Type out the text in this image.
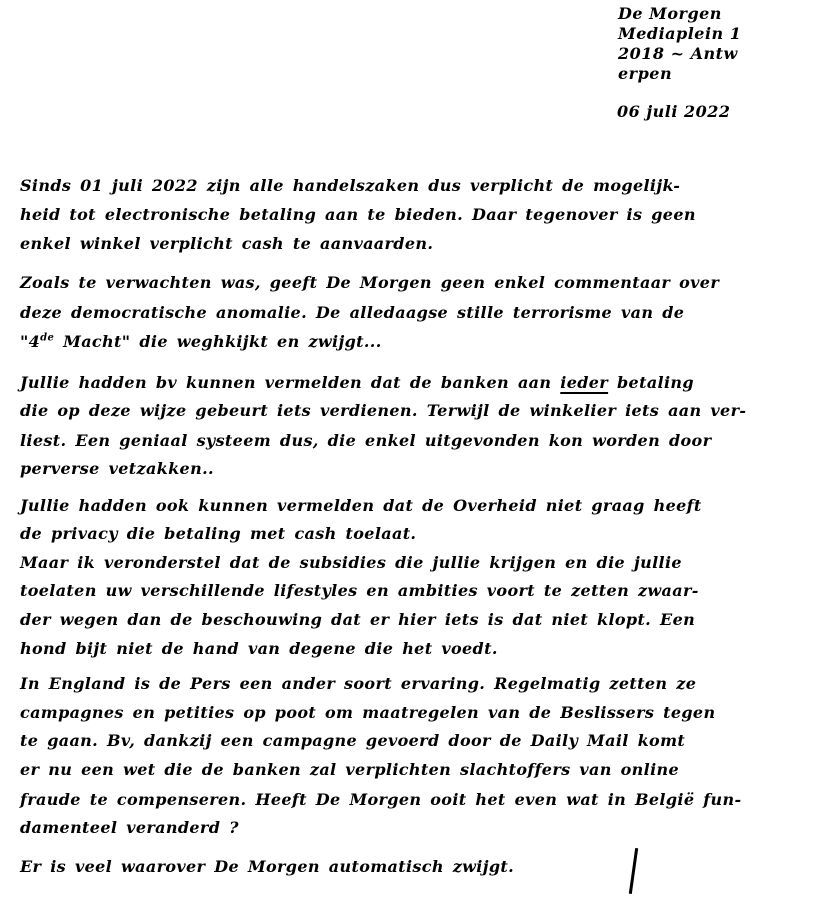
De Morgen
Mediaplein 1
2018 ~ Antw
erpen
06 juli 2022
Sinds 01 juli 2022 zijn alle handelszaken dus verplicht de mogelijk-
heid tot electronische betaling aan te bieden. Daar tegenover is geen
enkel winkel verplicht cash te aanvaarden.
Zoals te verwachten was, geeft De Morgen geen enkel commentaar over
deze democratische anomalie. De alledaagse stille terrorisme van de
"4de Macht" die weghkijkt en zwijgt...
Jullie hadden bv kunnen vermelden dat de banken aan ieder betaling
die op deze wijze gebeurt iets verdienen. Terwijl de winkelier iets aan ver-
liest. Een geniaal systeem dus, die enkel uitgevonden kon worden door
perverse vetzakken..
Jullie hadden ook kunnen vermelden dat de Overheid niet graag heeft
de privacy die betaling met cash toelaat.
Maar ik veronderstel dat de subsidies die jullie krijgen en die jullie
toelaten uw verschillende lifestyles en ambities voort te zetten zwaar-
der wegen dan de beschouwing dat er hier iets is dat niet klopt. Een
hond bijt niet de hand van degene die het voedt.
In England is de Pers een ander soort ervaring. Regelmatig zetten ze
campagnes en petities op poot om maatregelen van de Beslissers tegen
te gaan. Bv, dankzij een campagne gevoerd door de Daily Mail komt
er nu een wet die de banken zal verplichten slachtoffers van online
fraude te compenseren. Heeft De Morgen ooit het even wat in België fun-
damenteel veranderd ?
Er is veel waarover De Morgen automatisch zwijgt.
